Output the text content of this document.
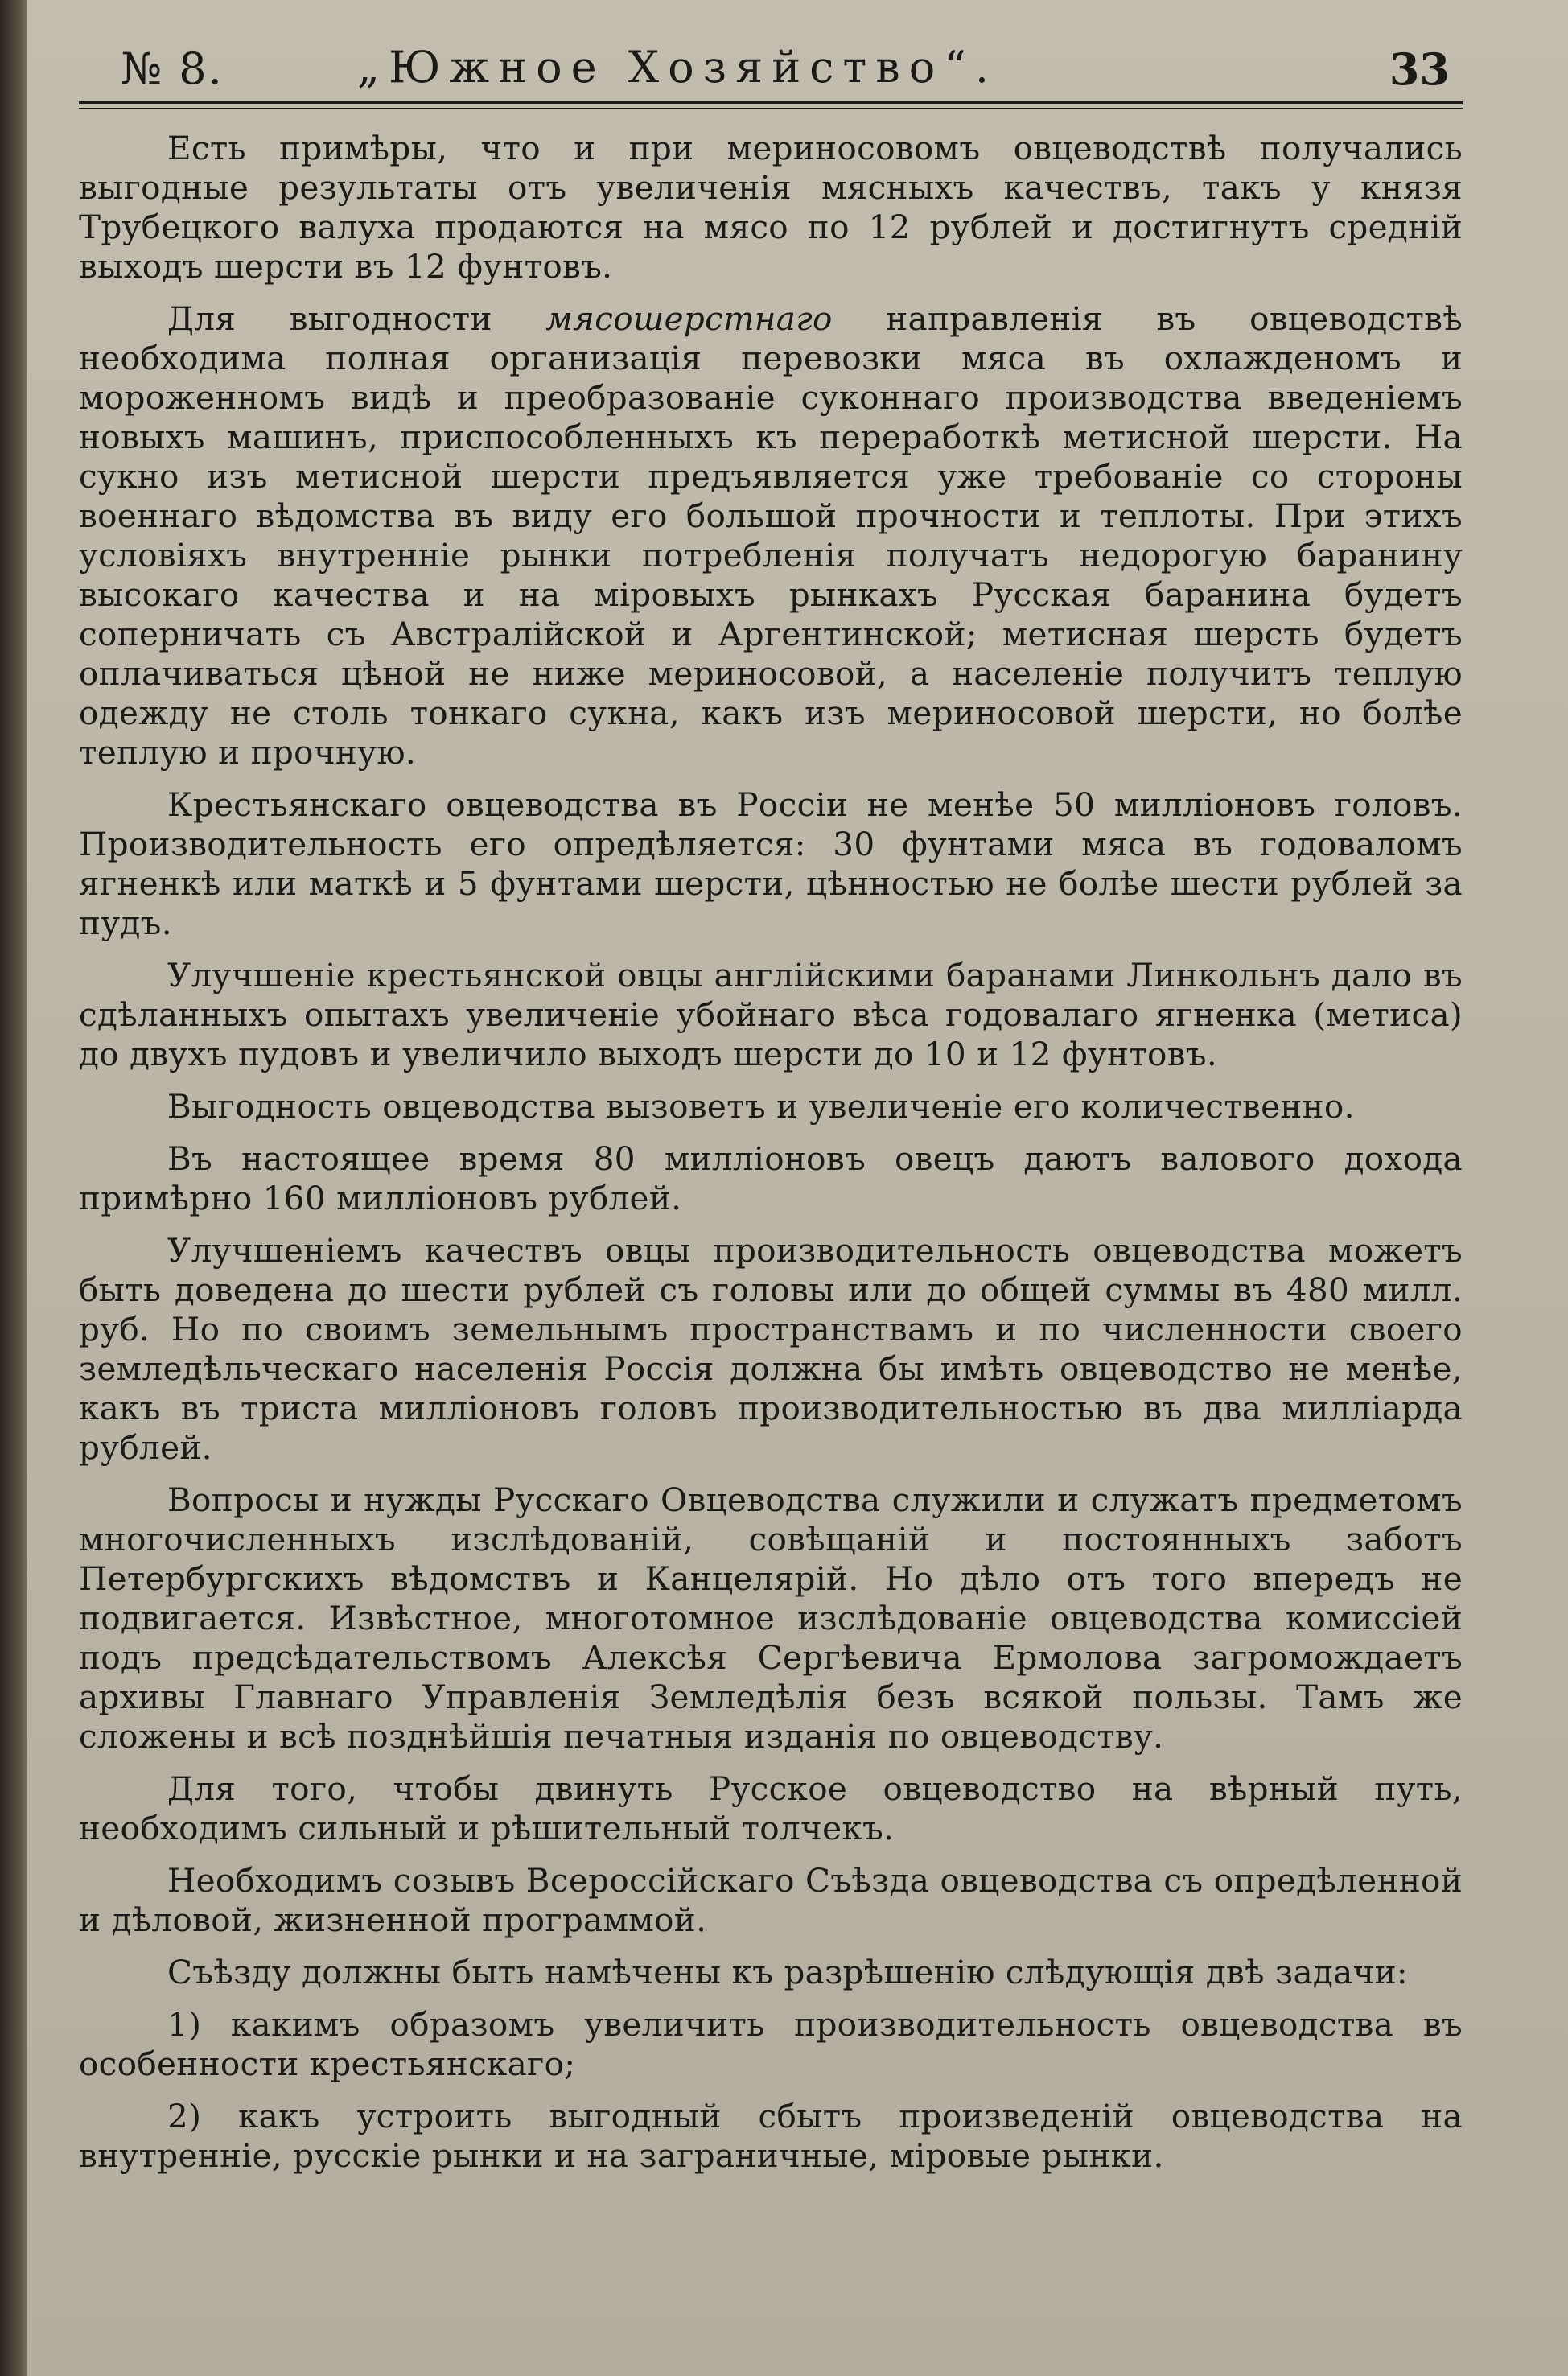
№ 8.	„Южное Хозяйство“.	33

Есть примѣры, что и при мериносовомъ овцеводствѣ получались выгодные результаты отъ увеличенія мясныхъ качествъ, такъ у князя Трубецкого валуха продаются на мясо по 12 рублей и достигнутъ средній выходъ шерсти въ 12 фунтовъ.

Для выгодности мясошерстнаго направленія въ овцеводствѣ необходима полная организація перевозки мяса въ охлажденомъ и мороженномъ видѣ и преобразованіе суконнаго производства введеніемъ новыхъ машинъ, приспособленныхъ къ переработкѣ метисной шерсти. На сукно изъ метисной шерсти предъявляется уже требованіе со стороны военнаго вѣдомства въ виду его большой прочности и теплоты. При этихъ условіяхъ внутренніе рынки потребленія получатъ недорогую баранину высокаго качества и на міровыхъ рынкахъ Русская баранина будетъ соперничать съ Австралійской и Аргентинской; метисная шерсть будетъ оплачиваться цѣной не ниже мериносовой, а населеніе получитъ теплую одежду не столь тонкаго сукна, какъ изъ мериносовой шерсти, но болѣе теплую и прочную.

Крестьянскаго овцеводства въ Россіи не менѣе 50 милліоновъ головъ. Производительность его опредѣляется: 30 фунтами мяса въ годоваломъ ягненкѣ или маткѣ и 5 фунтами шерсти, цѣнностью не болѣе шести рублей за пудъ.

Улучшеніе крестьянской овцы англійскими баранами Линкольнъ дало въ сдѣланныхъ опытахъ увеличеніе убойнаго вѣса годовалаго ягненка (метиса) до двухъ пудовъ и увеличило выходъ шерсти до 10 и 12 фунтовъ.

Выгодность овцеводства вызоветъ и увеличеніе его количественно.

Въ настоящее время 80 милліоновъ овецъ даютъ валового дохода примѣрно 160 милліоновъ рублей.

Улучшеніемъ качествъ овцы производительность овцеводства можетъ быть доведена до шести рублей съ головы или до общей суммы въ 480 милл. руб. Но по своимъ земельнымъ пространствамъ и по численности своего земледѣльческаго населенія Россія должна бы имѣть овцеводство не менѣе, какъ въ триста милліоновъ головъ производительностью въ два милліарда рублей.

Вопросы и нужды Русскаго Овцеводства служили и служатъ предметомъ многочисленныхъ изслѣдованій, совѣщаній и постоянныхъ заботъ Петербургскихъ вѣдомствъ и Канцелярій. Но дѣло отъ того впередъ не подвигается. Извѣстное, многотомное изслѣдованіе овцеводства комиссіей подъ предсѣдательствомъ Алексѣя Сергѣевича Ермолова загромождаетъ архивы Главнаго Управленія Земледѣлія безъ всякой пользы. Тамъ же сложены и всѣ позднѣйшія печатныя изданія по овцеводству.

Для того, чтобы двинуть Русское овцеводство на вѣрный путь, необходимъ сильный и рѣшительный толчекъ.

Необходимъ созывъ Всероссійскаго Съѣзда овцеводства съ опредѣленной и дѣловой, жизненной программой.

Съѣзду должны быть намѣчены къ разрѣшенію слѣдующія двѣ задачи:

1) какимъ образомъ увеличить производительность овцеводства въ особенности крестьянскаго;

2) какъ устроить выгодный сбытъ произведеній овцеводства на внутренніе, русскіе рынки и на заграничные, міровые рынки.
